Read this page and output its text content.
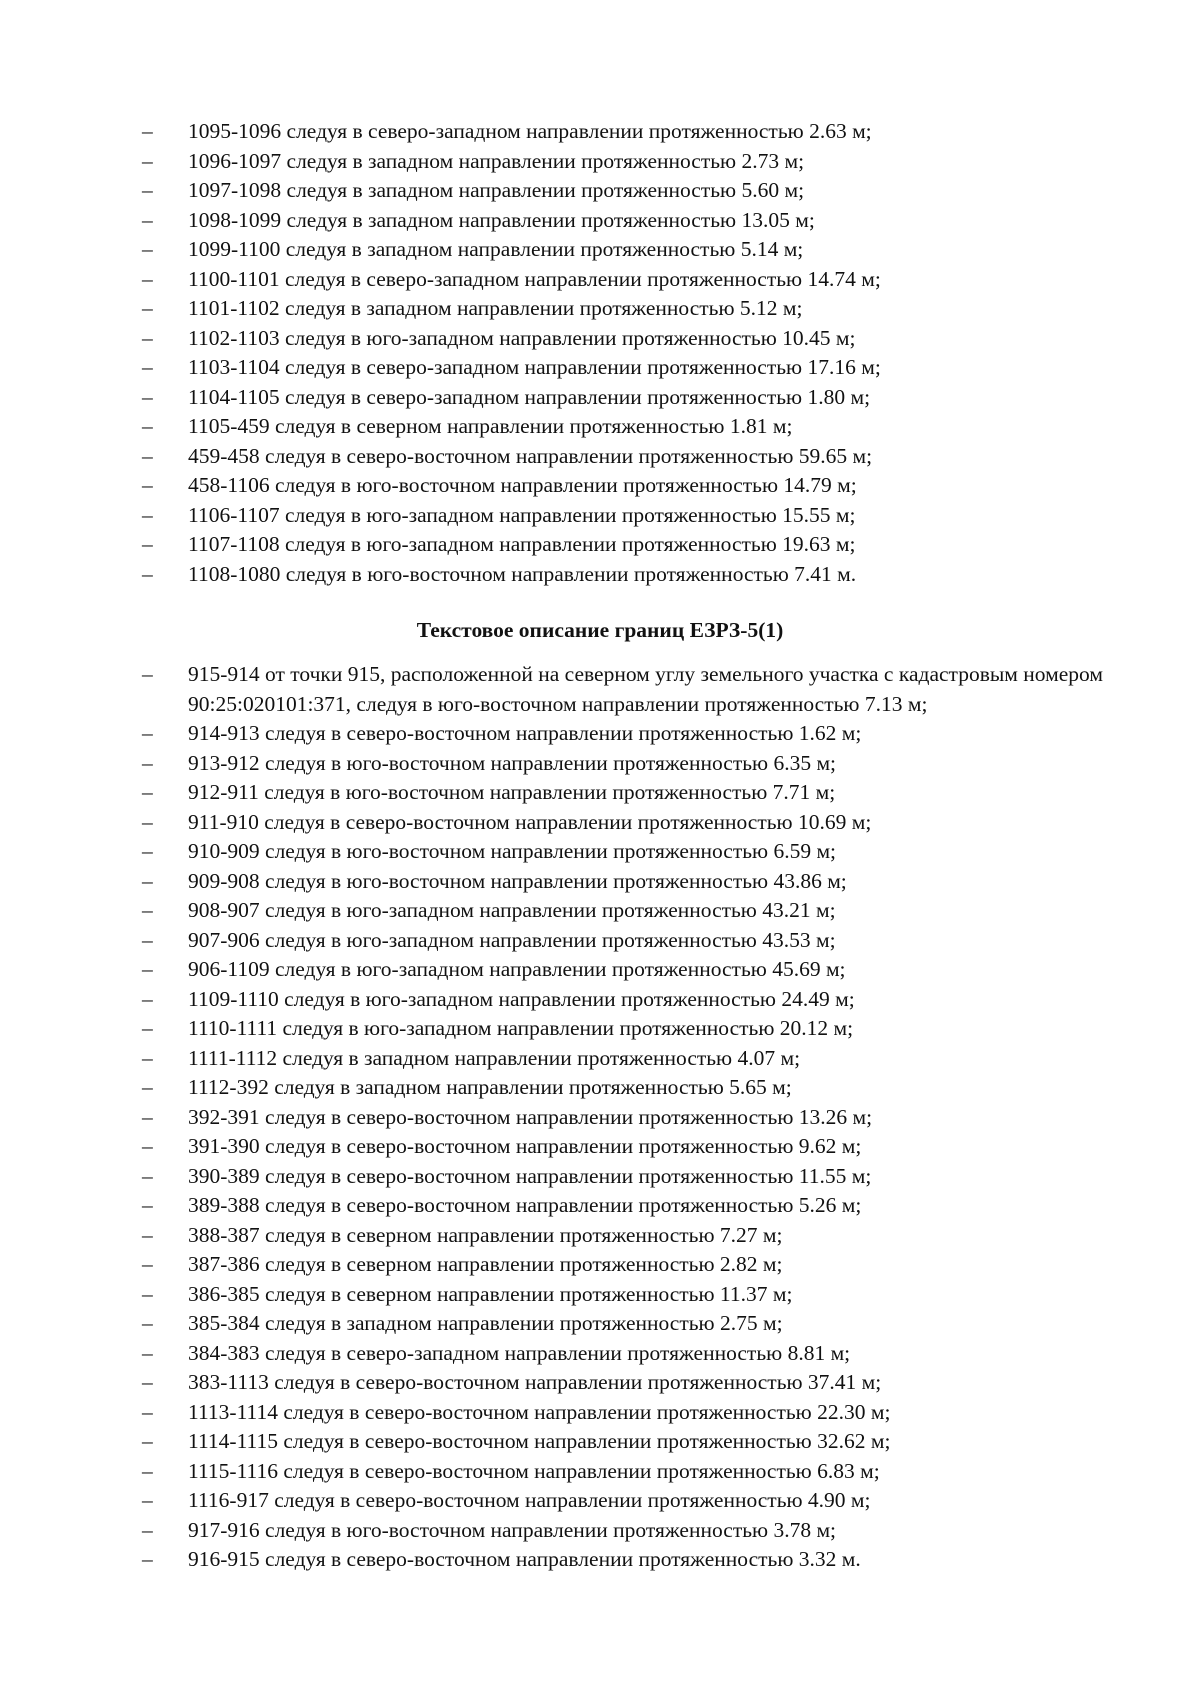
– 1095-1096 следуя в северо-западном направлении протяженностью 2.63 м;
– 1096-1097 следуя в западном направлении протяженностью 2.73 м;
– 1097-1098 следуя в западном направлении протяженностью 5.60 м;
– 1098-1099 следуя в западном направлении протяженностью 13.05 м;
– 1099-1100 следуя в западном направлении протяженностью 5.14 м;
– 1100-1101 следуя в северо-западном направлении протяженностью 14.74 м;
– 1101-1102 следуя в западном направлении протяженностью 5.12 м;
– 1102-1103 следуя в юго-западном направлении протяженностью 10.45 м;
– 1103-1104 следуя в северо-западном направлении протяженностью 17.16 м;
– 1104-1105 следуя в северо-западном направлении протяженностью 1.80 м;
– 1105-459 следуя в северном направлении протяженностью 1.81 м;
– 459-458 следуя в северо-восточном направлении протяженностью 59.65 м;
– 458-1106 следуя в юго-восточном направлении протяженностью 14.79 м;
– 1106-1107 следуя в юго-западном направлении протяженностью 15.55 м;
– 1107-1108 следуя в юго-западном направлении протяженностью 19.63 м;
– 1108-1080 следуя в юго-восточном направлении протяженностью 7.41 м.
Текстовое описание границ ЕЗРЗ-5(1)
– 915-914 от точки 915, расположенной на северном углу земельного участка с кадастровым номером 90:25:020101:371, следуя в юго-восточном направлении протяженностью 7.13 м;
– 914-913 следуя в северо-восточном направлении протяженностью 1.62 м;
– 913-912 следуя в юго-восточном направлении протяженностью 6.35 м;
– 912-911 следуя в юго-восточном направлении протяженностью 7.71 м;
– 911-910 следуя в северо-восточном направлении протяженностью 10.69 м;
– 910-909 следуя в юго-восточном направлении протяженностью 6.59 м;
– 909-908 следуя в юго-восточном направлении протяженностью 43.86 м;
– 908-907 следуя в юго-западном направлении протяженностью 43.21 м;
– 907-906 следуя в юго-западном направлении протяженностью 43.53 м;
– 906-1109 следуя в юго-западном направлении протяженностью 45.69 м;
– 1109-1110 следуя в юго-западном направлении протяженностью 24.49 м;
– 1110-1111 следуя в юго-западном направлении протяженностью 20.12 м;
– 1111-1112 следуя в западном направлении протяженностью 4.07 м;
– 1112-392 следуя в западном направлении протяженностью 5.65 м;
– 392-391 следуя в северо-восточном направлении протяженностью 13.26 м;
– 391-390 следуя в северо-восточном направлении протяженностью 9.62 м;
– 390-389 следуя в северо-восточном направлении протяженностью 11.55 м;
– 389-388 следуя в северо-восточном направлении протяженностью 5.26 м;
– 388-387 следуя в северном направлении протяженностью 7.27 м;
– 387-386 следуя в северном направлении протяженностью 2.82 м;
– 386-385 следуя в северном направлении протяженностью 11.37 м;
– 385-384 следуя в западном направлении протяженностью 2.75 м;
– 384-383 следуя в северо-западном направлении протяженностью 8.81 м;
– 383-1113 следуя в северо-восточном направлении протяженностью 37.41 м;
– 1113-1114 следуя в северо-восточном направлении протяженностью 22.30 м;
– 1114-1115 следуя в северо-восточном направлении протяженностью 32.62 м;
– 1115-1116 следуя в северо-восточном направлении протяженностью 6.83 м;
– 1116-917 следуя в северо-восточном направлении протяженностью 4.90 м;
– 917-916 следуя в юго-восточном направлении протяженностью 3.78 м;
– 916-915 следуя в северо-восточном направлении протяженностью 3.32 м.
